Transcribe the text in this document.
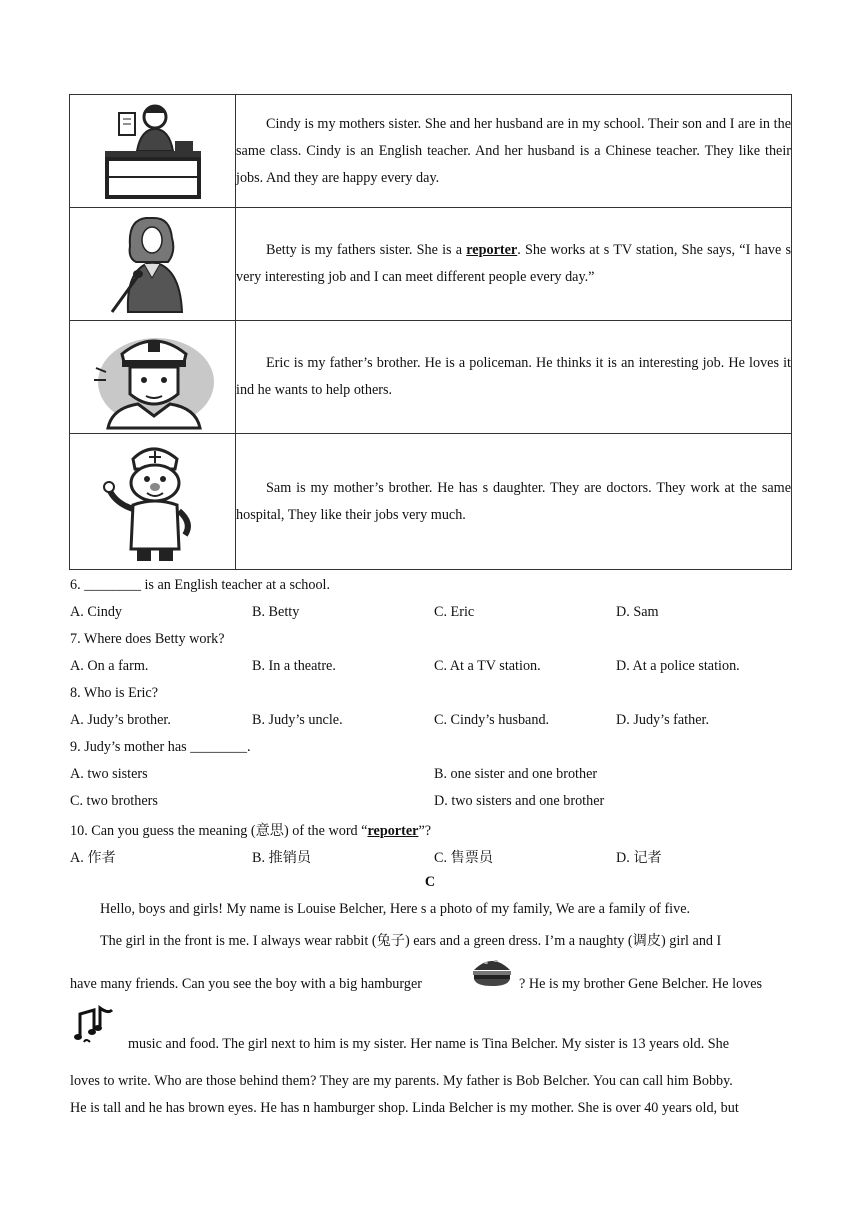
Cindy is my mothers sister. She and her husband are in my school. Their son and I are in the same class. Cindy is an English teacher. And her husband is a Chinese teacher. They like their jobs. And they are happy every day.

Betty is my fathers sister. She is a reporter. She works at s TV station, She says, “I have s very interesting job and I can meet different people every day.”

Eric is my father’s brother. He is a policeman. He thinks it is an interesting job. He loves it ind he wants to help others.

Sam is my mother’s brother. He has s daughter. They are doctors. They work at the same hospital, They like their jobs very much.

6. ________ is an English teacher at a school.
A. Cindy	B. Betty	C. Eric	D. Sam
7. Where does Betty work?
A. On a farm.	B. In a theatre.	C. At a TV station.	D. At a police station.
8. Who is Eric?
A. Judy’s brother.	B. Judy’s uncle.	C. Cindy’s husband.	D. Judy’s father.
9. Judy’s mother has ________.
A. two sisters	B. one sister and one brother
C. two brothers	D. two sisters and one brother
10. Can you guess the meaning (意思) of the word “reporter”?
A. 作者	B. 推销员	C. 售票员	D. 记者
C
Hello, boys and girls! My name is Louise Belcher, Here s a photo of my family, We are a family of five.
The girl in the front is me. I always wear rabbit (兔子) ears and a green dress. I’m a naughty (调皮) girl and I
have many friends. Can you see the boy with a big hamburger	? He is my brother Gene Belcher. He loves
music and food. The girl next to him is my sister. Her name is Tina Belcher. My sister is 13 years old. She
loves to write. Who are those behind them? They are my parents. My father is Bob Belcher. You can call him Bobby.
He is tall and he has brown eyes. He has n hamburger shop. Linda Belcher is my mother. She is over 40 years old, but
